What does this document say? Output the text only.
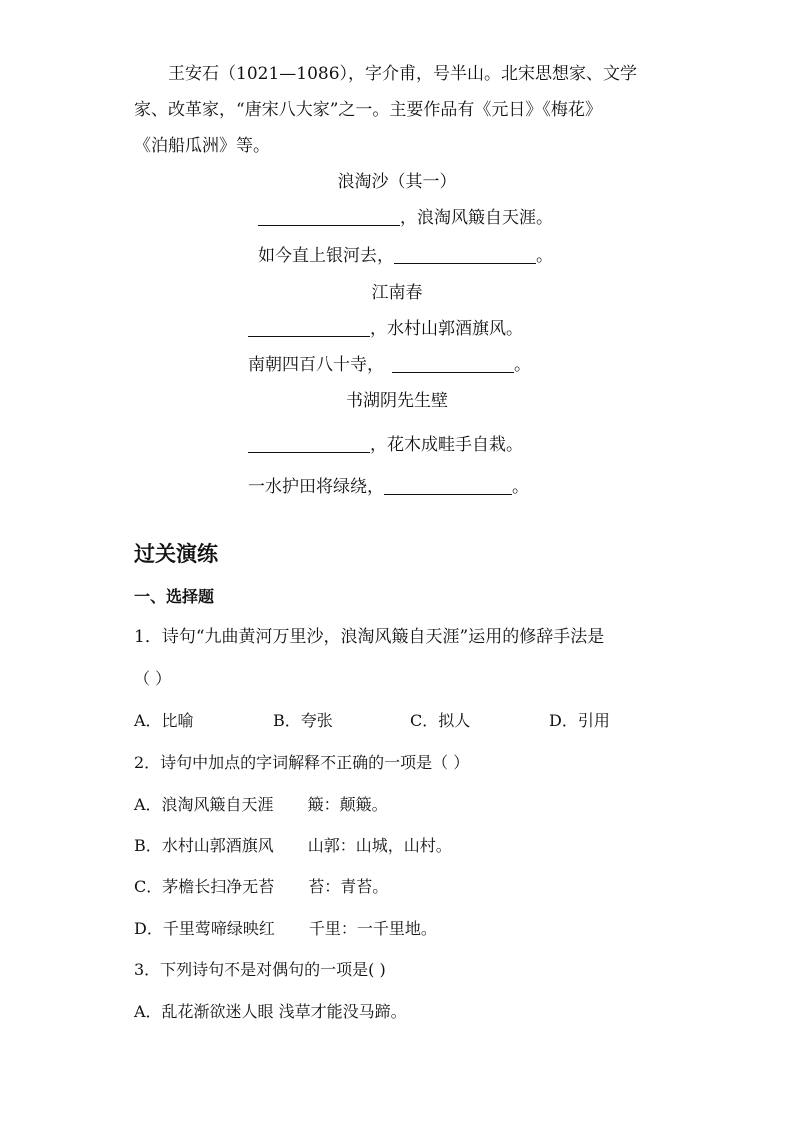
王安石（1021—1086），字介甫，号半山。北宋思想家、文学
家、改革家，“唐宋八大家”之一。主要作品有《元日》《梅花》
《泊船瓜洲》等。
浪淘沙（其一）
，浪淘风簸自天涯。
如今直上银河去，	。
江南春
，水村山郭酒旗风。
南朝四百八十寺，	。
书湖阴先生壁
，花木成畦手自栽。
一水护田将绿绕，	。
过关演练
一、选择题
1．诗句“九曲黄河万里沙，浪淘风簸自天涯”运用的修辞手法是
（ ）
A．比喻	B．夸张	C．拟人	D．引用
2．诗句中加点的字词解释不正确的一项是（ ）
A．浪淘风簸自天涯 簸：颠簸。
B．水村山郭酒旗风 山郭：山城，山村。
C．茅檐长扫净无苔 苔：青苔。
D．千里莺啼绿映红 千里：一千里地。
3．下列诗句不是对偶句的一项是( )
A．乱花渐欲迷人眼 浅草才能没马蹄。
